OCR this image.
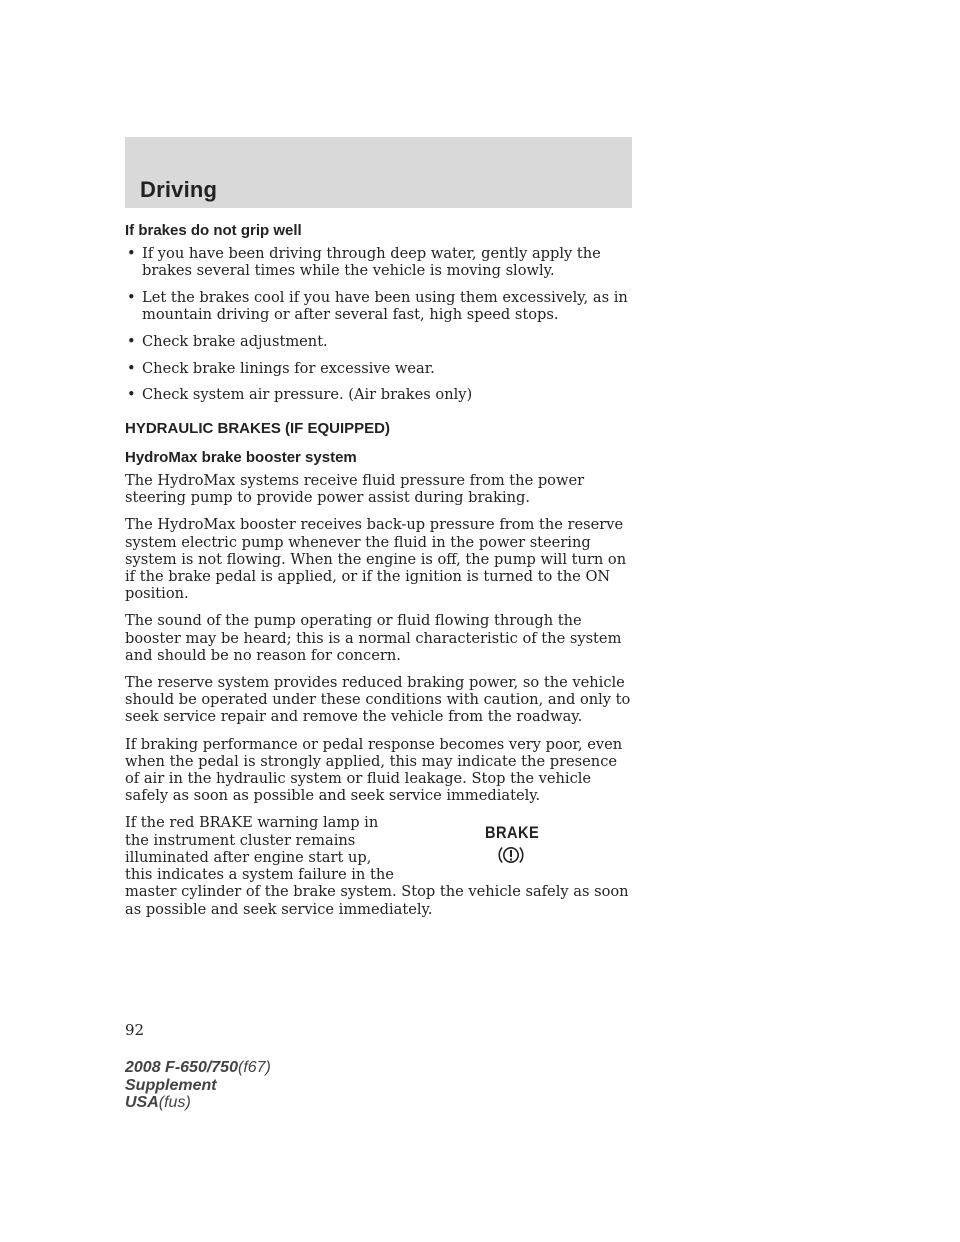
Driving
If brakes do not grip well
• If you have been driving through deep water, gently apply the brakes several times while the vehicle is moving slowly.
• Let the brakes cool if you have been using them excessively, as in mountain driving or after several fast, high speed stops.
• Check brake adjustment.
• Check brake linings for excessive wear.
• Check system air pressure. (Air brakes only)
HYDRAULIC BRAKES (IF EQUIPPED)
HydroMax brake booster system

The HydroMax systems receive fluid pressure from the power steering pump to provide power assist during braking.

The HydroMax booster receives back-up pressure from the reserve system electric pump whenever the fluid in the power steering system is not flowing. When the engine is off, the pump will turn on if the brake pedal is applied, or if the ignition is turned to the ON position.

The sound of the pump operating or fluid flowing through the booster may be heard; this is a normal characteristic of the system and should be no reason for concern.

The reserve system provides reduced braking power, so the vehicle should be operated under these conditions with caution, and only to seek service repair and remove the vehicle from the roadway.

If braking performance or pedal response becomes very poor, even when the pedal is strongly applied, this may indicate the presence of air in the hydraulic system or fluid leakage. Stop the vehicle safely as soon as possible and seek service immediately.

If the red BRAKE warning lamp in
the instrument cluster remains
illuminated after engine start up,
this indicates a system failure in the
master cylinder of the brake system. Stop the vehicle safely as soon as possible and seek service immediately.
BRAKE

92

2008 F-650/750(f67)
Supplement
USA(fus)
